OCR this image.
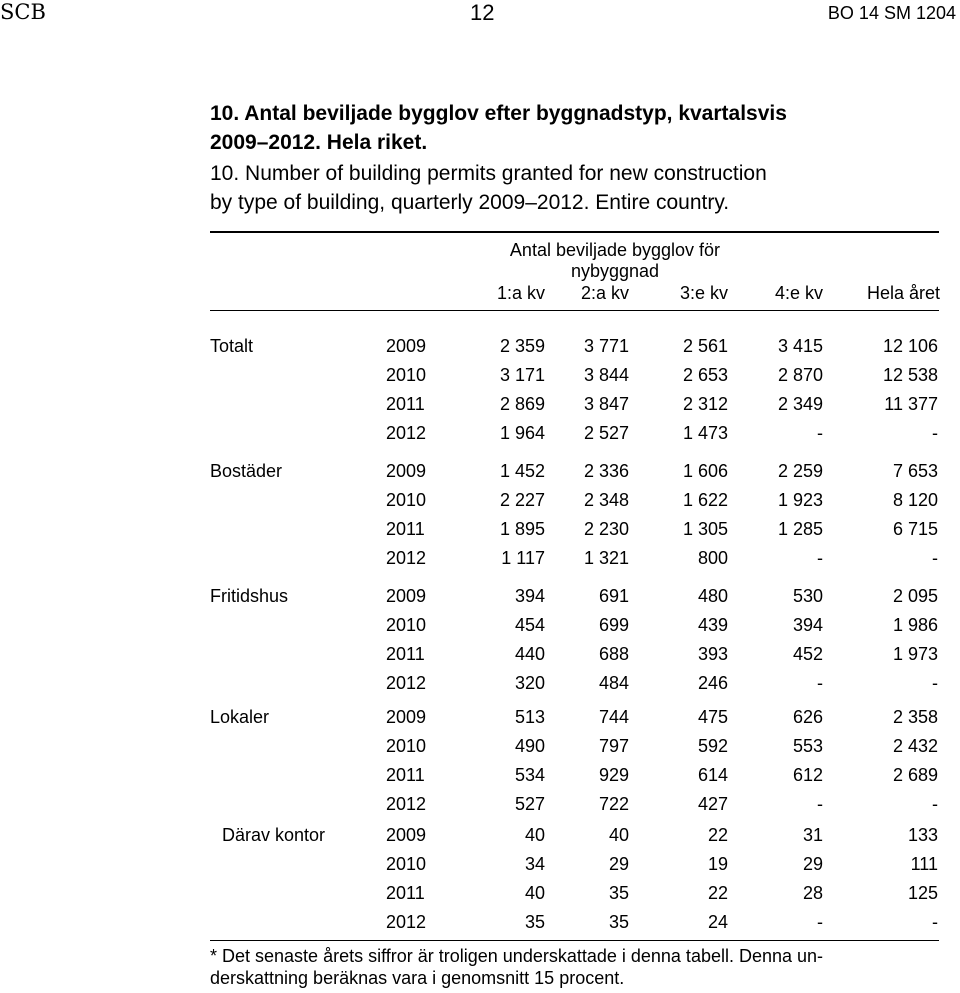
SCB	12	BO 14 SM 1204
10. Antal beviljade bygglov efter byggnadstyp, kvartalsvis
2009–2012. Hela riket.
10. Number of building permits granted for new construction
by type of building, quarterly 2009–2012. Entire country.
Antal beviljade bygglov för nybyggnad
1:a kv	2:a kv	3:e kv	4:e kv	Hela året
Totalt	2009	2 359	3 771	2 561	3 415	12 106
2010	3 171	3 844	2 653	2 870	12 538
2011	2 869	3 847	2 312	2 349	11 377
2012	1 964	2 527	1 473	-	-
Bostäder	2009	1 452	2 336	1 606	2 259	7 653
2010	2 227	2 348	1 622	1 923	8 120
2011	1 895	2 230	1 305	1 285	6 715
2012	1 117	1 321	800	-	-
Fritidshus	2009	394	691	480	530	2 095
2010	454	699	439	394	1 986
2011	440	688	393	452	1 973
2012	320	484	246	-	-
Lokaler	2009	513	744	475	626	2 358
2010	490	797	592	553	2 432
2011	534	929	614	612	2 689
2012	527	722	427	-	-
Därav kontor	2009	40	40	22	31	133
2010	34	29	19	29	111
2011	40	35	22	28	125
2012	35	35	24	-	-
* Det senaste årets siffror är troligen underskattade i denna tabell. Denna un-
derskattning beräknas vara i genomsnitt 15 procent.
